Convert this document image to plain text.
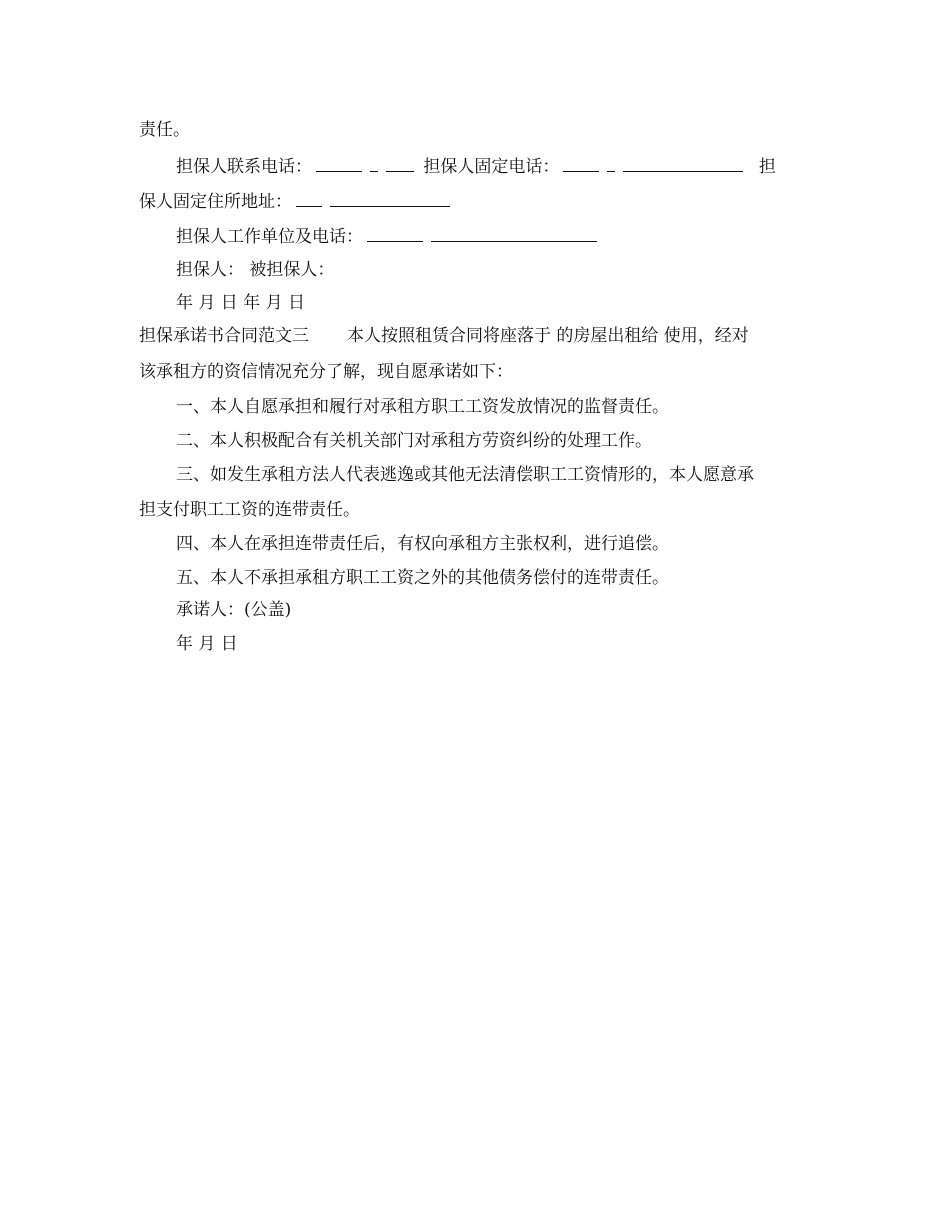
责任。
担保人联系电话：	担保人固定电话：	担
保人固定住所地址：
担保人工作单位及电话：
担保人： 被担保人：
年 月 日 年 月 日
担保承诺书合同范文三 本人按照租赁合同将座落于 的房屋出租给 使用，经对
该承租方的资信情况充分了解，现自愿承诺如下：
一、本人自愿承担和履行对承租方职工工资发放情况的监督责任。
二、本人积极配合有关机关部门对承租方劳资纠纷的处理工作。
三、如发生承租方法人代表逃逸或其他无法清偿职工工资情形的，本人愿意承
担支付职工工资的连带责任。
四、本人在承担连带责任后，有权向承租方主张权利，进行追偿。
五、本人不承担承租方职工工资之外的其他债务偿付的连带责任。
承诺人：(公盖)
年 月 日
